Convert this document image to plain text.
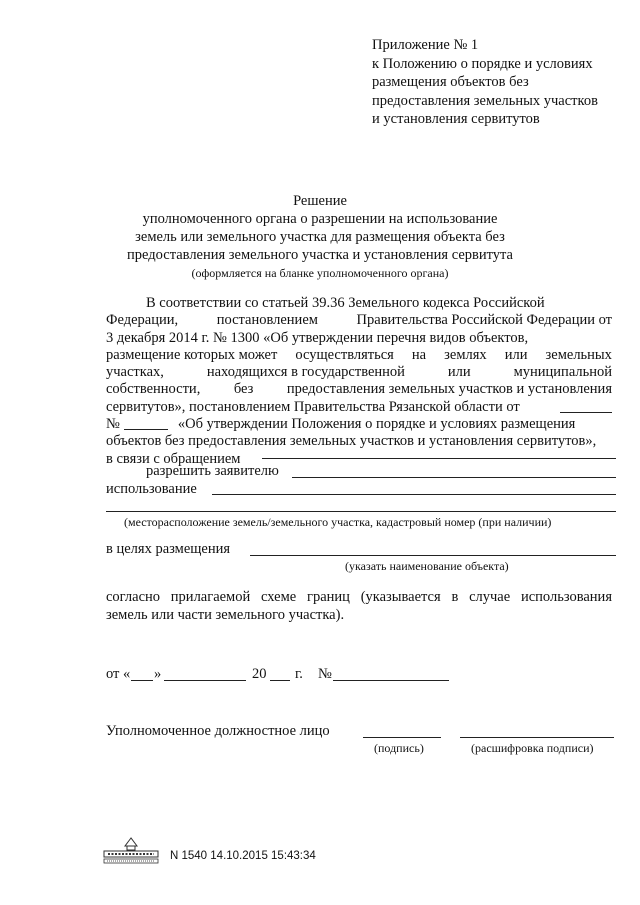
Приложение № 1
к Положению о порядке и условиях
размещения объектов без
предоставления земельных участков
и установления сервитутов
Решение
уполномоченного органа о разрешении на использование
земель или земельного участка для размещения объекта без
предоставления земельного участка и установления сервитута
(оформляется на бланке уполномоченного органа)
В соответствии со статьей 39.36 Земельного кодекса Российской
Федерации,	постановлением	Правительства Российской Федерации от
3 декабря 2014 г. № 1300 «Об утверждении перечня видов объектов,
размещение которых может осуществляться на землях или земельных
участках,	находящихся в государственной	или	муниципальной
собственности, без предоставления земельных участков и установления
сервитутов», постановлением Правительства Рязанской области от
№	«Об утверждении Положения о порядке и условиях размещения
объектов без предоставления земельных участков и установления сервитутов»,
в связи с обращением
разрешить заявителю
использование
(месторасположение земель/земельного участка, кадастровый номер (при наличии)
в целях размещения
(указать наименование объекта)
согласно прилагаемой схеме границ (указывается в случае использования
земель или части земельного участка).
от « »	20 г. №
Уполномоченное должностное лицо
(подпись)	(расшифровка подписи)
N 1540 14.10.2015 15:43:34
